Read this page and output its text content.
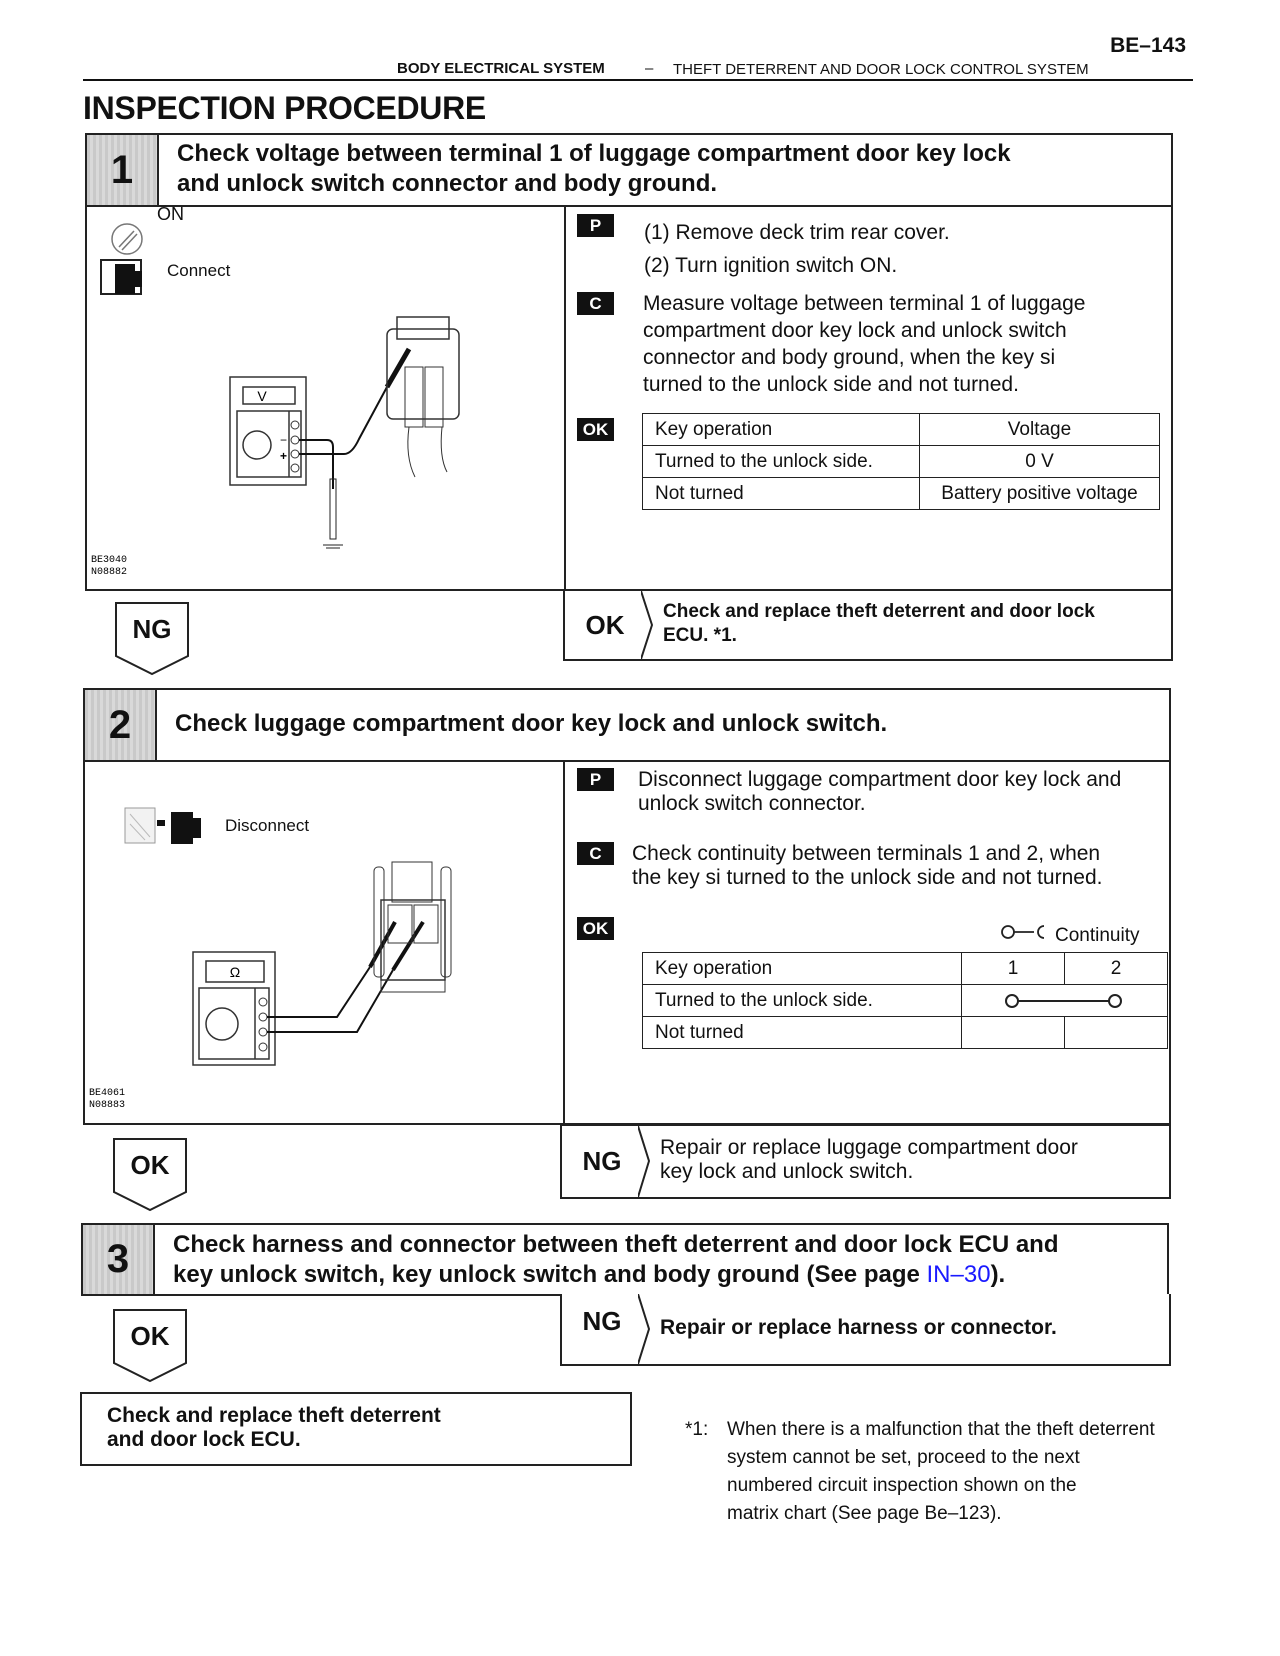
BE–143
BODY ELECTRICAL SYSTEM	– THEFT DETERRENT AND DOOR LOCK CONTROL SYSTEM
INSPECTION PROCEDURE
1	Check voltage between terminal 1 of luggage compartment door key lock
and unlock switch connector and body ground.
−
+
V
BE3040
N08882
ON
Connect
P	(1) Remove deck trim rear cover.
(2) Turn ignition switch ON.
C	Measure voltage between terminal 1 of luggage
compartment door key lock and unlock switch
connector and body ground, when the key si
turned to the unlock side and not turned.
OK	Key operation	Voltage
Turned to the unlock side.	0 V
Not turned	Battery positive voltage
NG	OK	Check and replace theft deterrent and door lock
ECU. *1.
2	Check luggage compartment door key lock and unlock switch.
Ω
BE4061
N08883
Disconnect
P	Disconnect luggage compartment door key lock and
unlock switch connector.
C	Check continuity between terminals 1 and 2, when
the key si turned to the unlock side and not turned.
OK	Continuity
Key operation	1	2
Turned to the unlock side.	

Not turned		
OK	NG	Repair or replace luggage compartment door
key lock and unlock switch.
3	Check harness and connector between theft deterrent and door lock ECU and
key unlock switch, key unlock switch and body ground (See page IN–30).
OK	NG	Repair or replace harness or connector.
Check and replace theft deterrent
and door lock ECU.	*1: When there is a malfunction that the theft deterrent
system cannot be set, proceed to the next
numbered circuit inspection shown on the
matrix chart (See page Be–123).
